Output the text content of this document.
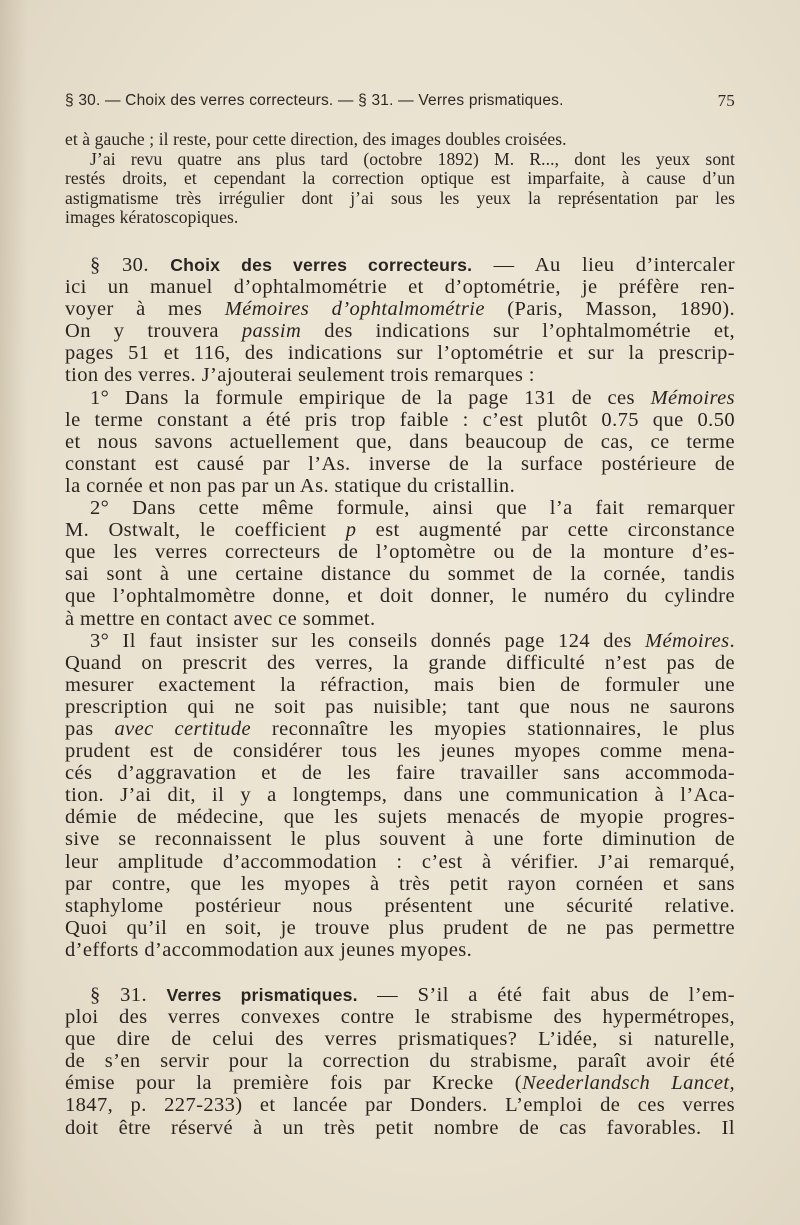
§ 30. — Choix des verres correcteurs. — § 31. — Verres prismatiques.	75
et à gauche ; il reste, pour cette direction, des images doubles croisées.
J’ai revu quatre ans plus tard (octobre 1892) M. R..., dont les yeux sont
restés droits, et cependant la correction optique est imparfaite, à cause d’un
astigmatisme très irrégulier dont j’ai sous les yeux la représentation par les
images kératoscopiques.
§ 30. Choix des verres correcteurs. — Au lieu d’intercaler
ici un manuel d’ophtalmométrie et d’optométrie, je préfère ren-
voyer à mes Mémoires d’ophtalmométrie (Paris, Masson, 1890).
On y trouvera passim des indications sur l’ophtalmométrie et,
pages 51 et 116, des indications sur l’optométrie et sur la prescrip-
tion des verres. J’ajouterai seulement trois remarques :
1° Dans la formule empirique de la page 131 de ces Mémoires
le terme constant a été pris trop faible : c’est plutôt 0.75 que 0.50
et nous savons actuellement que, dans beaucoup de cas, ce terme
constant est causé par l’As. inverse de la surface postérieure de
la cornée et non pas par un As. statique du cristallin.
2° Dans cette même formule, ainsi que l’a fait remarquer
M. Ostwalt, le coefficient p est augmenté par cette circonstance
que les verres correcteurs de l’optomètre ou de la monture d’es-
sai sont à une certaine distance du sommet de la cornée, tandis
que l’ophtalmomètre donne, et doit donner, le numéro du cylindre
à mettre en contact avec ce sommet.
3° Il faut insister sur les conseils donnés page 124 des Mémoires.
Quand on prescrit des verres, la grande difficulté n’est pas de
mesurer exactement la réfraction, mais bien de formuler une
prescription qui ne soit pas nuisible; tant que nous ne saurons
pas avec certitude reconnaître les myopies stationnaires, le plus
prudent est de considérer tous les jeunes myopes comme mena-
cés d’aggravation et de les faire travailler sans accommoda-
tion. J’ai dit, il y a longtemps, dans une communication à l’Aca-
démie de médecine, que les sujets menacés de myopie progres-
sive se reconnaissent le plus souvent à une forte diminution de
leur amplitude d’accommodation : c’est à vérifier. J’ai remarqué,
par contre, que les myopes à très petit rayon cornéen et sans
staphylome postérieur nous présentent une sécurité relative.
Quoi qu’il en soit, je trouve plus prudent de ne pas permettre
d’efforts d’accommodation aux jeunes myopes.
§ 31. Verres prismatiques. — S’il a été fait abus de l’em-
ploi des verres convexes contre le strabisme des hypermétropes,
que dire de celui des verres prismatiques? L’idée, si naturelle,
de s’en servir pour la correction du strabisme, paraît avoir été
émise pour la première fois par Krecke (Neederlandsch Lancet,
1847, p. 227-233) et lancée par Donders. L’emploi de ces verres
doit être réservé à un très petit nombre de cas favorables. Il
